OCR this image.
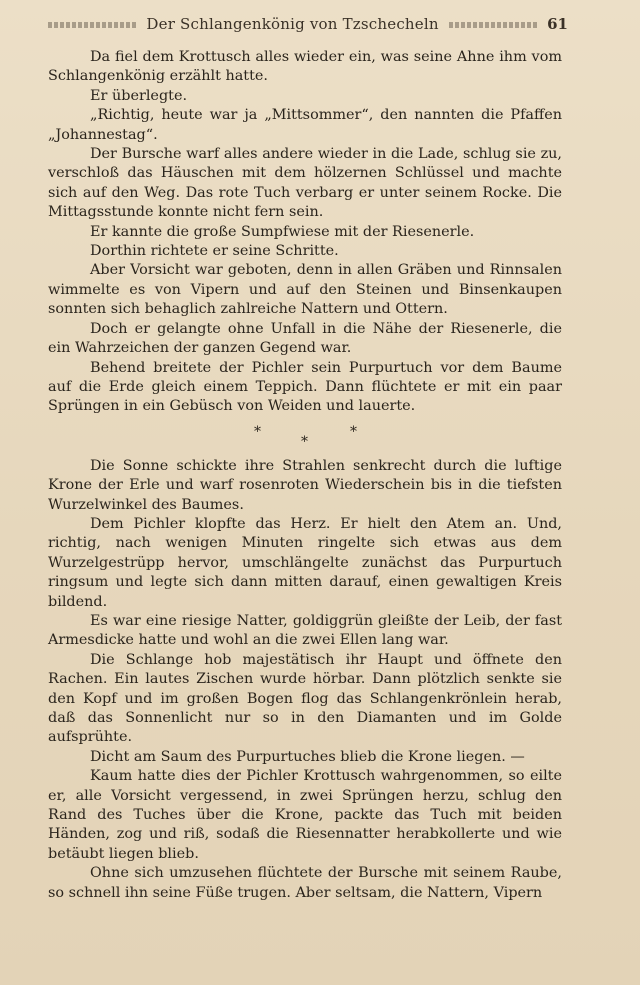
Der Schlangenkönig von Tzschecheln	61

Da fiel dem Krottusch alles wieder ein, was seine Ahne ihm vom Schlangenkönig erzählt hatte.

Er überlegte.

„Richtig, heute war ja „Mittsommer“, den nannten die Pfaffen „Johannestag“.

Der Bursche warf alles andere wieder in die Lade, schlug sie zu, verschloß das Häuschen mit dem hölzernen Schlüssel und machte sich auf den Weg. Das rote Tuch verbarg er unter seinem Rocke. Die Mittagsstunde konnte nicht fern sein.

Er kannte die große Sumpfwiese mit der Riesenerle.

Dorthin richtete er seine Schritte.

Aber Vorsicht war geboten, denn in allen Gräben und Rinnsalen wimmelte es von Vipern und auf den Steinen und Binsenkaupen sonnten sich behaglich zahlreiche Nattern und Ottern.

Doch er gelangte ohne Unfall in die Nähe der Riesenerle, die ein Wahrzeichen der ganzen Gegend war.

Behend breitete der Pichler sein Purpurtuch vor dem Baume auf die Erde gleich einem Teppich. Dann flüchtete er mit ein paar Sprüngen in ein Gebüsch von Weiden und lauerte.

*
*
*

Die Sonne schickte ihre Strahlen senkrecht durch die luftige Krone der Erle und warf rosenroten Wiederschein bis in die tiefsten Wurzelwinkel des Baumes.

Dem Pichler klopfte das Herz. Er hielt den Atem an. Und, richtig, nach wenigen Minuten ringelte sich etwas aus dem Wurzelgestrüpp hervor, umschlängelte zunächst das Purpurtuch ringsum und legte sich dann mitten darauf, einen gewaltigen Kreis bildend.

Es war eine riesige Natter, goldiggrün gleißte der Leib, der fast Armesdicke hatte und wohl an die zwei Ellen lang war.

Die Schlange hob majestätisch ihr Haupt und öffnete den Rachen. Ein lautes Zischen wurde hörbar. Dann plötzlich senkte sie den Kopf und im großen Bogen flog das Schlangenkrönlein herab, daß das Sonnenlicht nur so in den Diamanten und im Golde aufsprühte.

Dicht am Saum des Purpurtuches blieb die Krone liegen. —

Kaum hatte dies der Pichler Krottusch wahrgenommen, so eilte er, alle Vorsicht vergessend, in zwei Sprüngen herzu, schlug den Rand des Tuches über die Krone, packte das Tuch mit beiden Händen, zog und riß, sodaß die Riesennatter herabkollerte und wie betäubt liegen blieb.

Ohne sich umzusehen flüchtete der Bursche mit seinem Raube, so schnell ihn seine Füße trugen. Aber seltsam, die Nattern, Vipern
